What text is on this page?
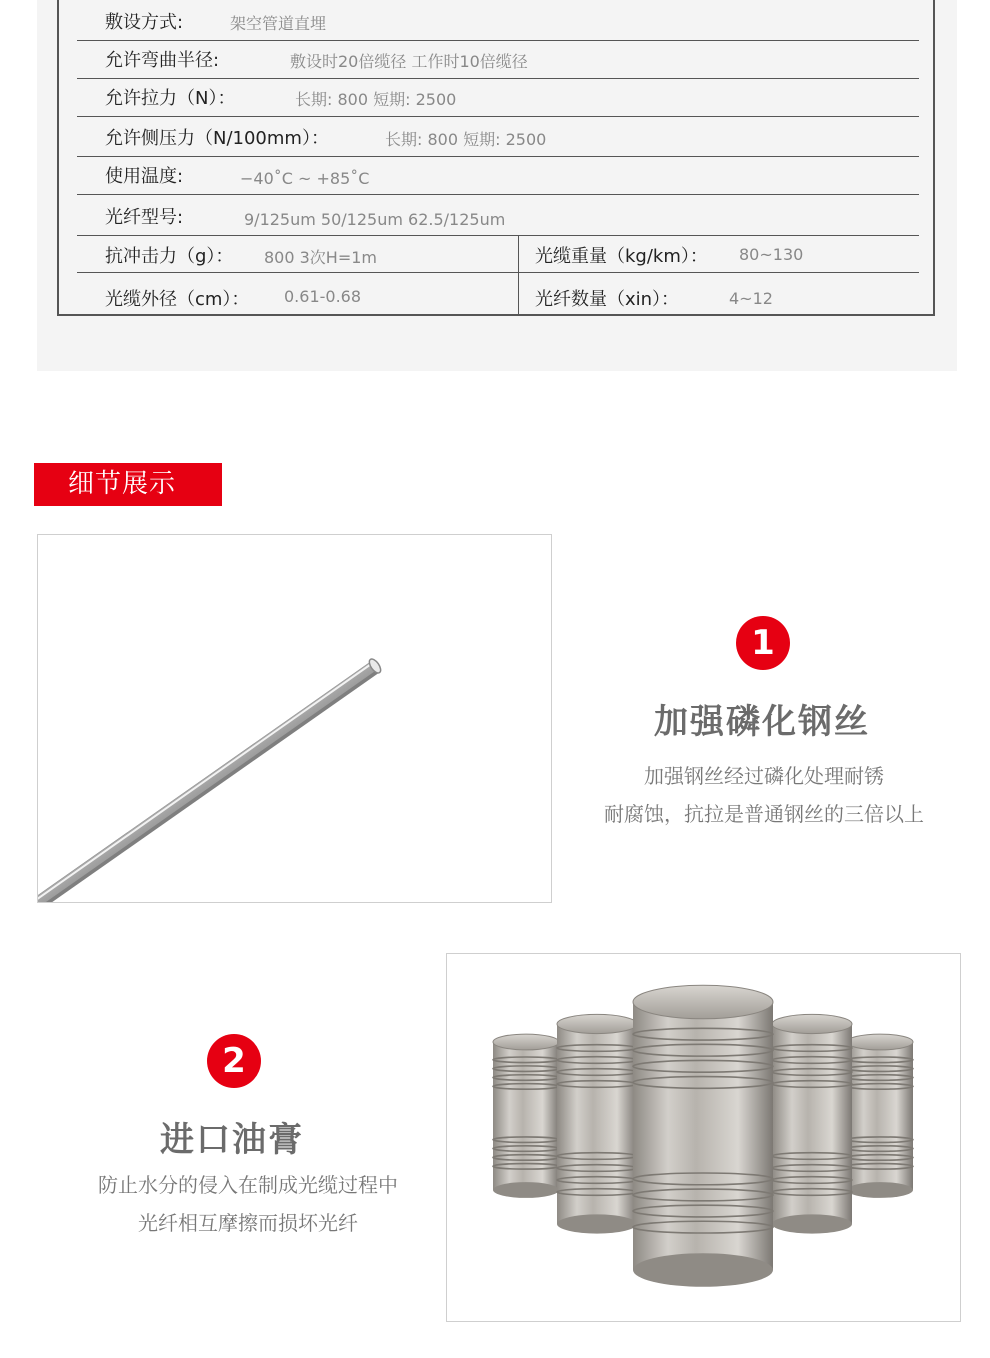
敷设方式:	架空管道直埋
允许弯曲半径:	敷设时20倍缆径 工作时10倍缆径
允许拉力（N）：	长期: 800 短期: 2500
允许侧压力（N/100mm）：	长期: 800 短期: 2500
使用温度:	−40˚C ~ +85˚C
光纤型号:	9/125um 50/125um 62.5/125um
抗冲击力（g）： 800 3次H=1m	光缆重量（kg/km）： 80~130
光缆外径（cm）： 0.61-0.68	光纤数量（xin）：	4~12
细节展示
1
加强磷化钢丝
加强钢丝经过磷化处理耐锈
耐腐蚀，抗拉是普通钢丝的三倍以上
2
进口油膏
防止水分的侵入在制成光缆过程中
光纤相互摩擦而损坏光纤
